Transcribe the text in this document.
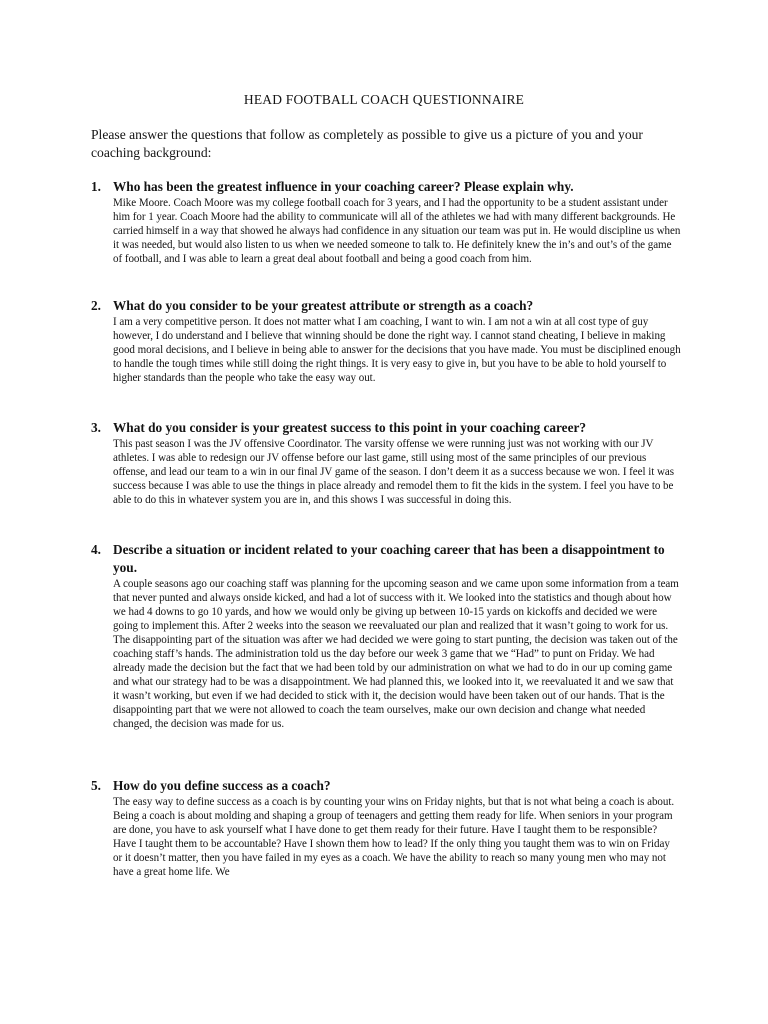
HEAD FOOTBALL COACH QUESTIONNAIRE
Please answer the questions that follow as completely as possible to give us a picture of you and your coaching background:
1. Who has been the greatest influence in your coaching career? Please explain why.
Mike Moore. Coach Moore was my college football coach for 3 years, and I had the opportunity to be a student assistant under him for 1 year. Coach Moore had the ability to communicate will all of the athletes we had with many different backgrounds. He carried himself in a way that showed he always had confidence in any situation our team was put in. He would discipline us when it was needed, but would also listen to us when we needed someone to talk to. He definitely knew the in’s and out’s of the game of football, and I was able to learn a great deal about football and being a good coach from him.
2. What do you consider to be your greatest attribute or strength as a coach?
I am a very competitive person. It does not matter what I am coaching, I want to win. I am not a win at all cost type of guy however, I do understand and I believe that winning should be done the right way. I cannot stand cheating, I believe in making good moral decisions, and I believe in being able to answer for the decisions that you have made. You must be disciplined enough to handle the tough times while still doing the right things. It is very easy to give in, but you have to be able to hold yourself to higher standards than the people who take the easy way out.
3. What do you consider is your greatest success to this point in your coaching career?
This past season I was the JV offensive Coordinator. The varsity offense we were running just was not working with our JV athletes. I was able to redesign our JV offense before our last game, still using most of the same principles of our previous offense, and lead our team to a win in our final JV game of the season. I don’t deem it as a success because we won. I feel it was success because I was able to use the things in place already and remodel them to fit the kids in the system. I feel you have to be able to do this in whatever system you are in, and this shows I was successful in doing this.
4. Describe a situation or incident related to your coaching career that has been a disappointment to you.
A couple seasons ago our coaching staff was planning for the upcoming season and we came upon some information from a team that never punted and always onside kicked, and had a lot of success with it. We looked into the statistics and though about how we had 4 downs to go 10 yards, and how we would only be giving up between 10-15 yards on kickoffs and decided we were going to implement this. After 2 weeks into the season we reevaluated our plan and realized that it wasn’t going to work for us. The disappointing part of the situation was after we had decided we were going to start punting, the decision was taken out of the coaching staff’s hands. The administration told us the day before our week 3 game that we “Had” to punt on Friday. We had already made the decision but the fact that we had been told by our administration on what we had to do in our up coming game and what our strategy had to be was a disappointment. We had planned this, we looked into it, we reevaluated it and we saw that it wasn’t working, but even if we had decided to stick with it, the decision would have been taken out of our hands. That is the disappointing part that we were not allowed to coach the team ourselves, make our own decision and change what needed changed, the decision was made for us.
5. How do you define success as a coach?
The easy way to define success as a coach is by counting your wins on Friday nights, but that is not what being a coach is about. Being a coach is about molding and shaping a group of teenagers and getting them ready for life. When seniors in your program are done, you have to ask yourself what I have done to get them ready for their future. Have I taught them to be responsible? Have I taught them to be accountable? Have I shown them how to lead? If the only thing you taught them was to win on Friday or it doesn’t matter, then you have failed in my eyes as a coach. We have the ability to reach so many young men who may not have a great home life. We
